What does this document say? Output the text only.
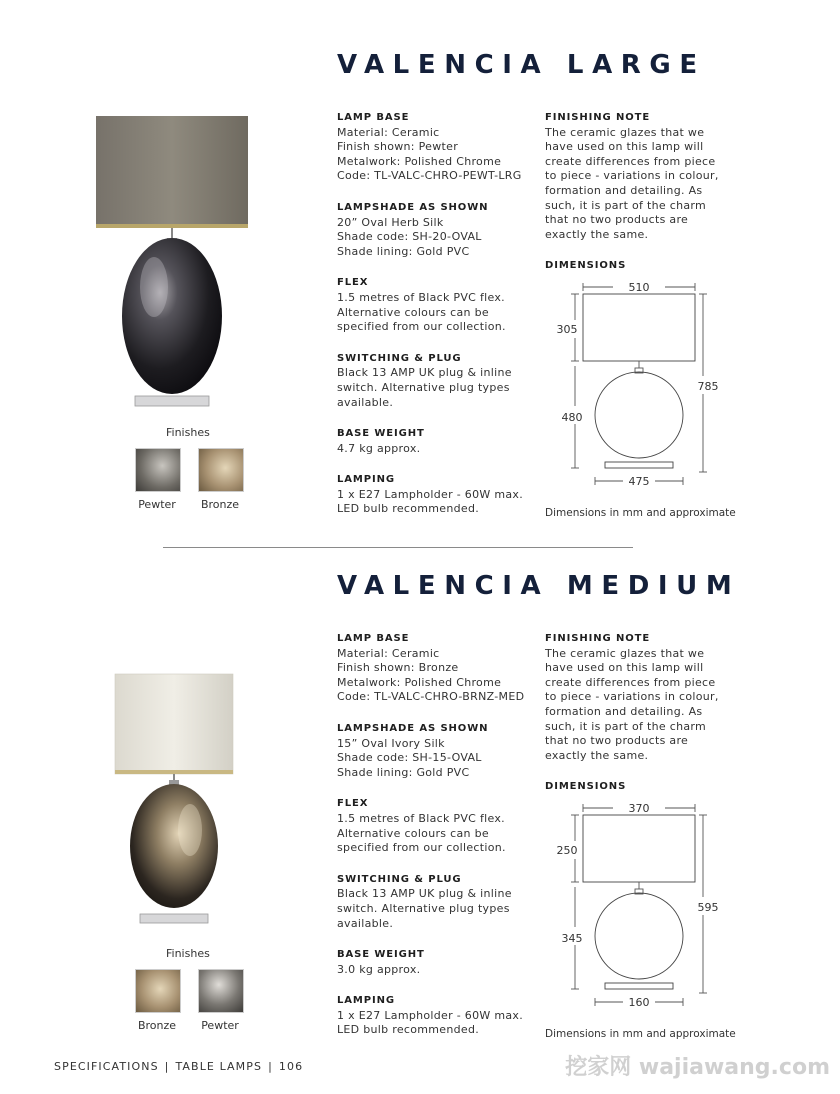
VALENCIA LARGE
Finishes
Pewter	Bronze
LAMP BASE
Material: Ceramic
Finish shown: Pewter
Metalwork: Polished Chrome
Code: TL-VALC-CHRO-PEWT-LRG
LAMPSHADE AS SHOWN
20” Oval Herb Silk
Shade code: SH-20-OVAL
Shade lining: Gold PVC
FLEX
1.5 metres of Black PVC flex.
Alternative colours can be
specified from our collection.
SWITCHING & PLUG
Black 13 AMP UK plug & inline
switch. Alternative plug types
available.
BASE WEIGHT
4.7 kg approx.
LAMPING
1 x E27 Lampholder - 60W max.
LED bulb recommended.
FINISHING NOTE
The ceramic glazes that we
have used on this lamp will
create differences from piece
to piece - variations in colour,
formation and detailing. As
such, it is part of the charm
that no two products are
exactly the same.
DIMENSIONS
510
305
480
785
475
Dimensions in mm and approximate
VALENCIA MEDIUM
Finishes
Bronze	Pewter
LAMP BASE
Material: Ceramic
Finish shown: Bronze
Metalwork: Polished Chrome
Code: TL-VALC-CHRO-BRNZ-MED
LAMPSHADE AS SHOWN
15” Oval Ivory Silk
Shade code: SH-15-OVAL
Shade lining: Gold PVC
FLEX
1.5 metres of Black PVC flex.
Alternative colours can be
specified from our collection.
SWITCHING & PLUG
Black 13 AMP UK plug & inline
switch. Alternative plug types
available.
BASE WEIGHT
3.0 kg approx.
LAMPING
1 x E27 Lampholder - 60W max.
LED bulb recommended.
FINISHING NOTE
The ceramic glazes that we
have used on this lamp will
create differences from piece
to piece - variations in colour,
formation and detailing. As
such, it is part of the charm
that no two products are
exactly the same.
DIMENSIONS
370
250
345
595
160
Dimensions in mm and approximate
SPECIFICATIONS | TABLE LAMPS | 106	挖家网 wajiawang.com
